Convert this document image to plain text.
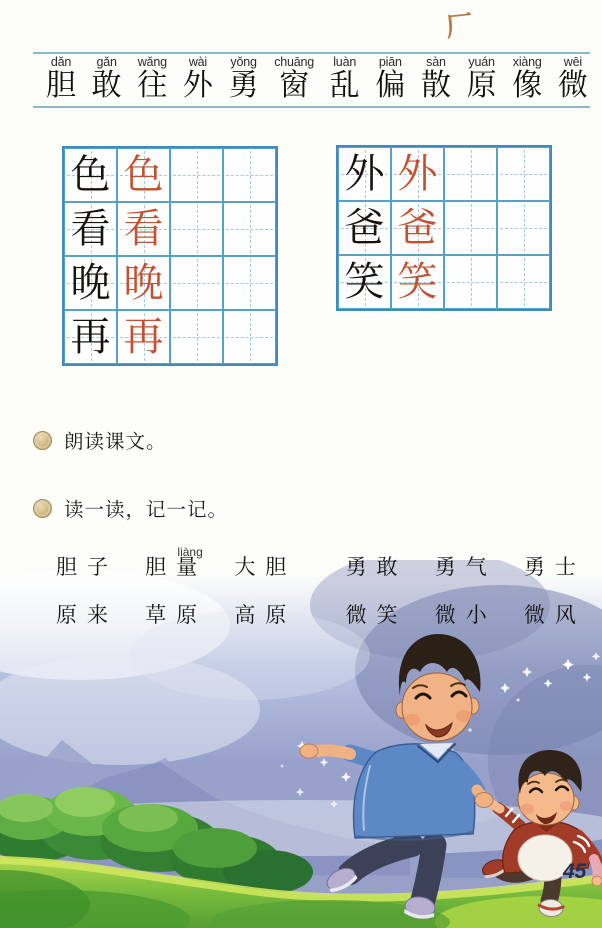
厂
dǎn
胆
gǎn
敢
wǎng
往
wài
外
yǒng
勇
chuāng
窗
luàn
乱
piān
偏
sàn
散
yuán
原
xiàng
像
wēi
微
色 色
看 看
晚 晚
再 再
外 外
爸 爸
笑 笑
朗读课文。
读一读，记一记。
胆子 胆量
liàng
大胆 勇敢 勇气 勇士
原来 草原 高原 微笑 微小 微风
45
